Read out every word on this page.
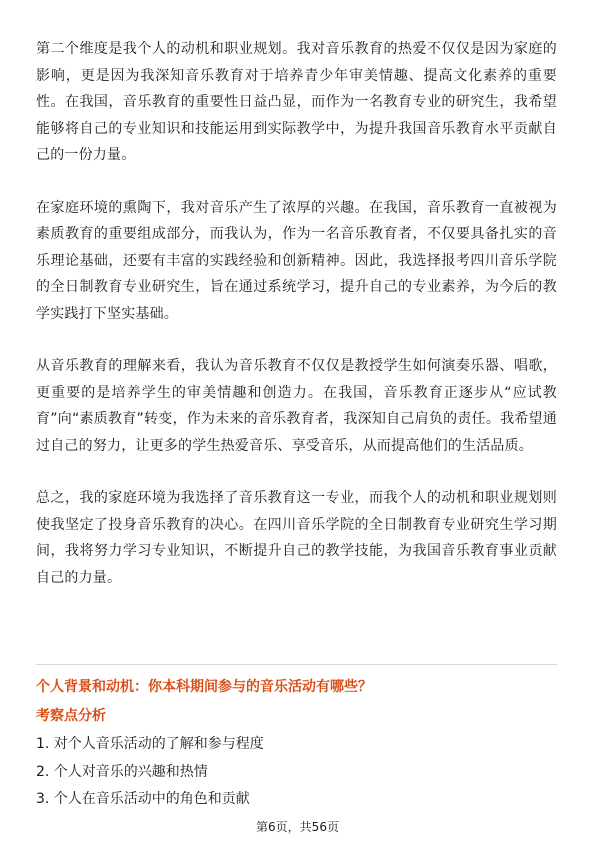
第二个维度是我个人的动机和职业规划。我对音乐教育的热爱不仅仅是因为家庭的影响，更是因为我深知音乐教育对于培养青少年审美情趣、提高文化素养的重要性。在我国，音乐教育的重要性日益凸显，而作为一名教育专业的研究生，我希望能够将自己的专业知识和技能运用到实际教学中，为提升我国音乐教育水平贡献自己的一份力量。

在家庭环境的熏陶下，我对音乐产生了浓厚的兴趣。在我国，音乐教育一直被视为素质教育的重要组成部分，而我认为，作为一名音乐教育者，不仅要具备扎实的音乐理论基础，还要有丰富的实践经验和创新精神。因此，我选择报考四川音乐学院的全日制教育专业研究生，旨在通过系统学习，提升自己的专业素养，为今后的教学实践打下坚实基础。

从音乐教育的理解来看，我认为音乐教育不仅仅是教授学生如何演奏乐器、唱歌，更重要的是培养学生的审美情趣和创造力。在我国，音乐教育正逐步从“应试教育”向“素质教育”转变，作为未来的音乐教育者，我深知自己肩负的责任。我希望通过自己的努力，让更多的学生热爱音乐、享受音乐，从而提高他们的生活品质。

总之，我的家庭环境为我选择了音乐教育这一专业，而我个人的动机和职业规划则使我坚定了投身音乐教育的决心。在四川音乐学院的全日制教育专业研究生学习期间，我将努力学习专业知识，不断提升自己的教学技能，为我国音乐教育事业贡献自己的力量。

个人背景和动机：你本科期间参与的音乐活动有哪些？

考察点分析

1. 对个人音乐活动的了解和参与程度
2. 个人对音乐的兴趣和热情
3. 个人在音乐活动中的角色和贡献
第6页，共56页
